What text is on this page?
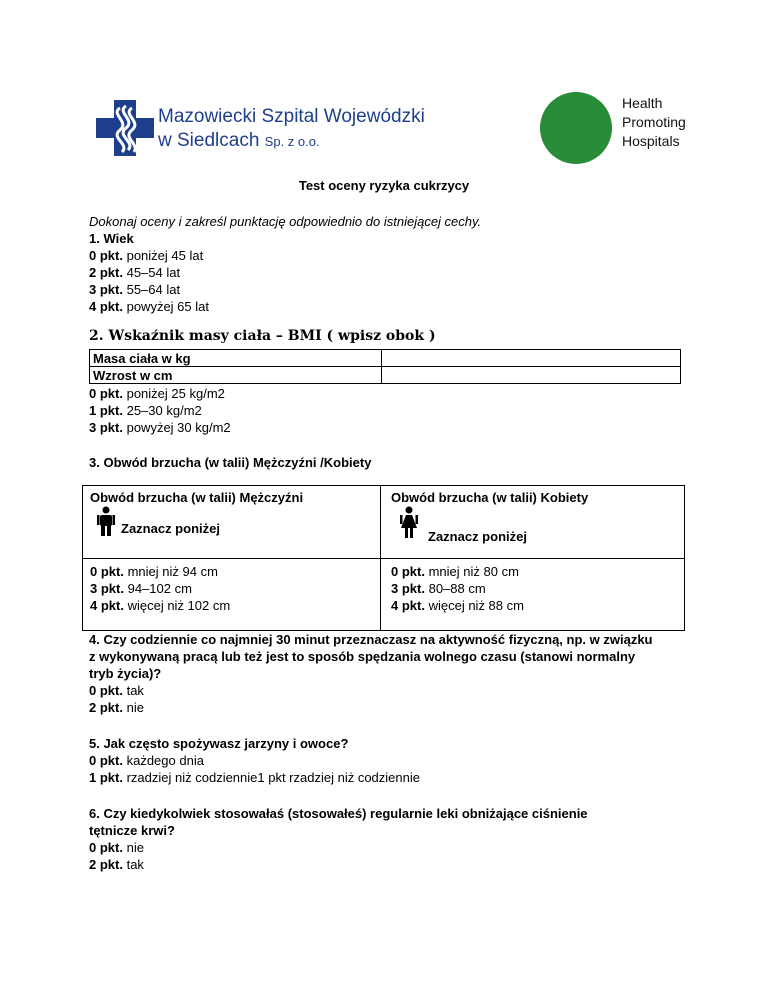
Mazowiecki Szpital Wojewódzki
w Siedlcach Sp. z o.o.
Health
Promoting
Hospitals
Test oceny ryzyka cukrzycy
Dokonaj oceny i zakreśl punktację odpowiednio do istniejącej cechy.
1. Wiek
0 pkt. poniżej 45 lat
2 pkt. 45–54 lat
3 pkt. 55–64 lat
4 pkt. powyżej 65 lat
2. Wskaźnik masy ciała – BMI ( wpisz obok )
Masa ciała w kg	
Wzrost w cm	
0 pkt. poniżej 25 kg/m2
1 pkt. 25–30 kg/m2
3 pkt. powyżej 30 kg/m2
3. Obwód brzucha (w talii) Mężczyźni /Kobiety
Obwód brzucha (w talii) Mężczyźni
Zaznacz poniżej
Obwód brzucha (w talii) Kobiety
Zaznacz poniżej
0 pkt. mniej niż 94 cm
3 pkt. 94–102 cm
4 pkt. więcej niż 102 cm
0 pkt. mniej niż 80 cm
3 pkt. 80–88 cm
4 pkt. więcej niż 88 cm
4. Czy codziennie co najmniej 30 minut przeznaczasz na aktywność fizyczną, np. w związku
z wykonywaną pracą lub też jest to sposób spędzania wolnego czasu (stanowi normalny
tryb życia)?
0 pkt. tak
2 pkt. nie
5. Jak często spożywasz jarzyny i owoce?
0 pkt. każdego dnia
1 pkt. rzadziej niż codziennie1 pkt rzadziej niż codziennie
6. Czy kiedykolwiek stosowałaś (stosowałeś) regularnie leki obniżające ciśnienie
tętnicze krwi?
0 pkt. nie
2 pkt. tak
